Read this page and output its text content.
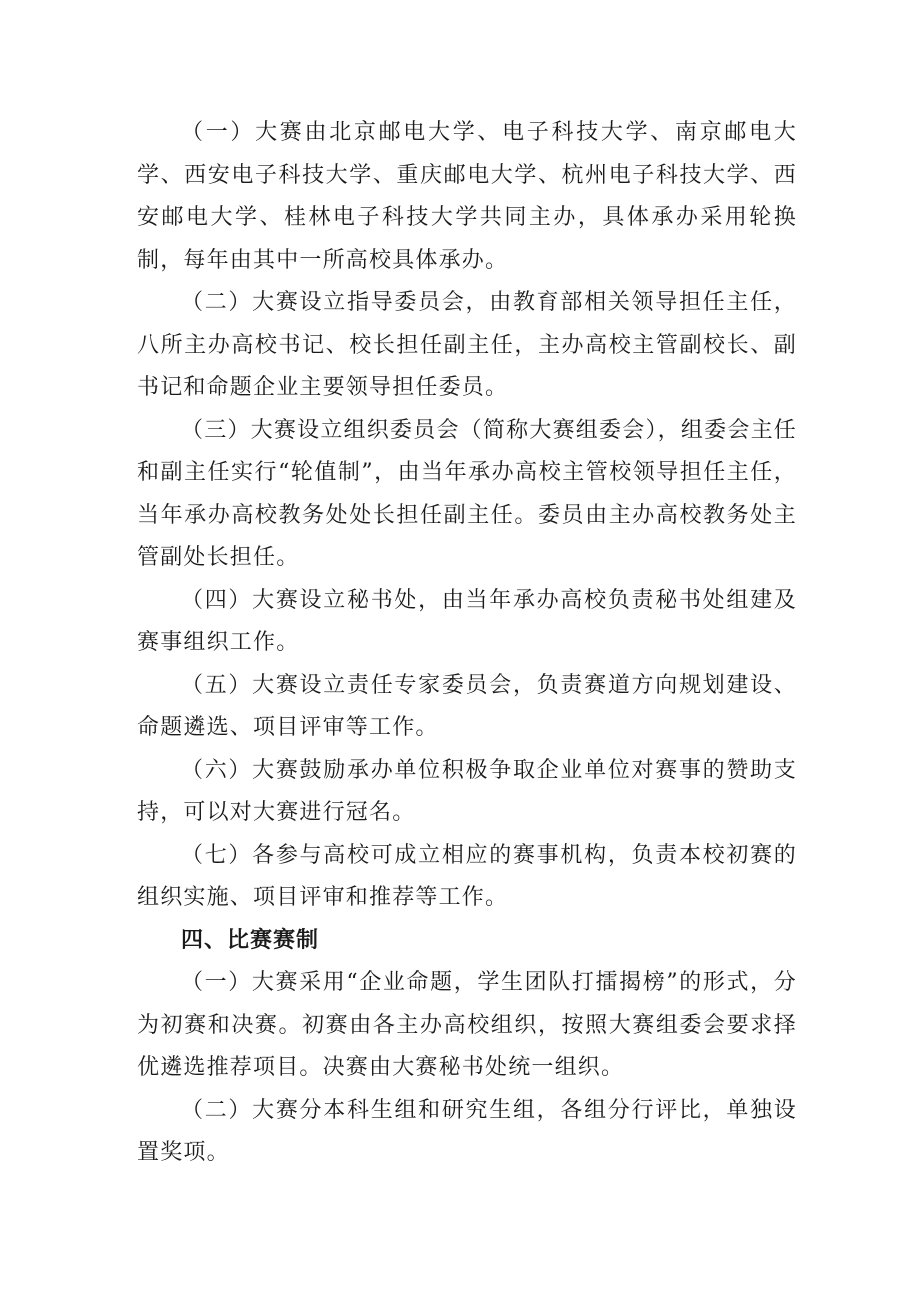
（一）大赛由北京邮电大学、电子科技大学、南京邮电大学、西安电子科技大学、重庆邮电大学、杭州电子科技大学、西安邮电大学、桂林电子科技大学共同主办，具体承办采用轮换制，每年由其中一所高校具体承办。

（二）大赛设立指导委员会，由教育部相关领导担任主任，八所主办高校书记、校长担任副主任，主办高校主管副校长、副书记和命题企业主要领导担任委员。

（三）大赛设立组织委员会（简称大赛组委会），组委会主任和副主任实行“轮值制”，由当年承办高校主管校领导担任主任，当年承办高校教务处处长担任副主任。委员由主办高校教务处主管副处长担任。

（四）大赛设立秘书处，由当年承办高校负责秘书处组建及赛事组织工作。

（五）大赛设立责任专家委员会，负责赛道方向规划建设、命题遴选、项目评审等工作。

（六）大赛鼓励承办单位积极争取企业单位对赛事的赞助支持，可以对大赛进行冠名。

（七）各参与高校可成立相应的赛事机构，负责本校初赛的组织实施、项目评审和推荐等工作。

四、比赛赛制

（一）大赛采用“企业命题，学生团队打擂揭榜”的形式，分为初赛和决赛。初赛由各主办高校组织，按照大赛组委会要求择优遴选推荐项目。决赛由大赛秘书处统一组织。

（二）大赛分本科生组和研究生组，各组分行评比，单独设置奖项。
